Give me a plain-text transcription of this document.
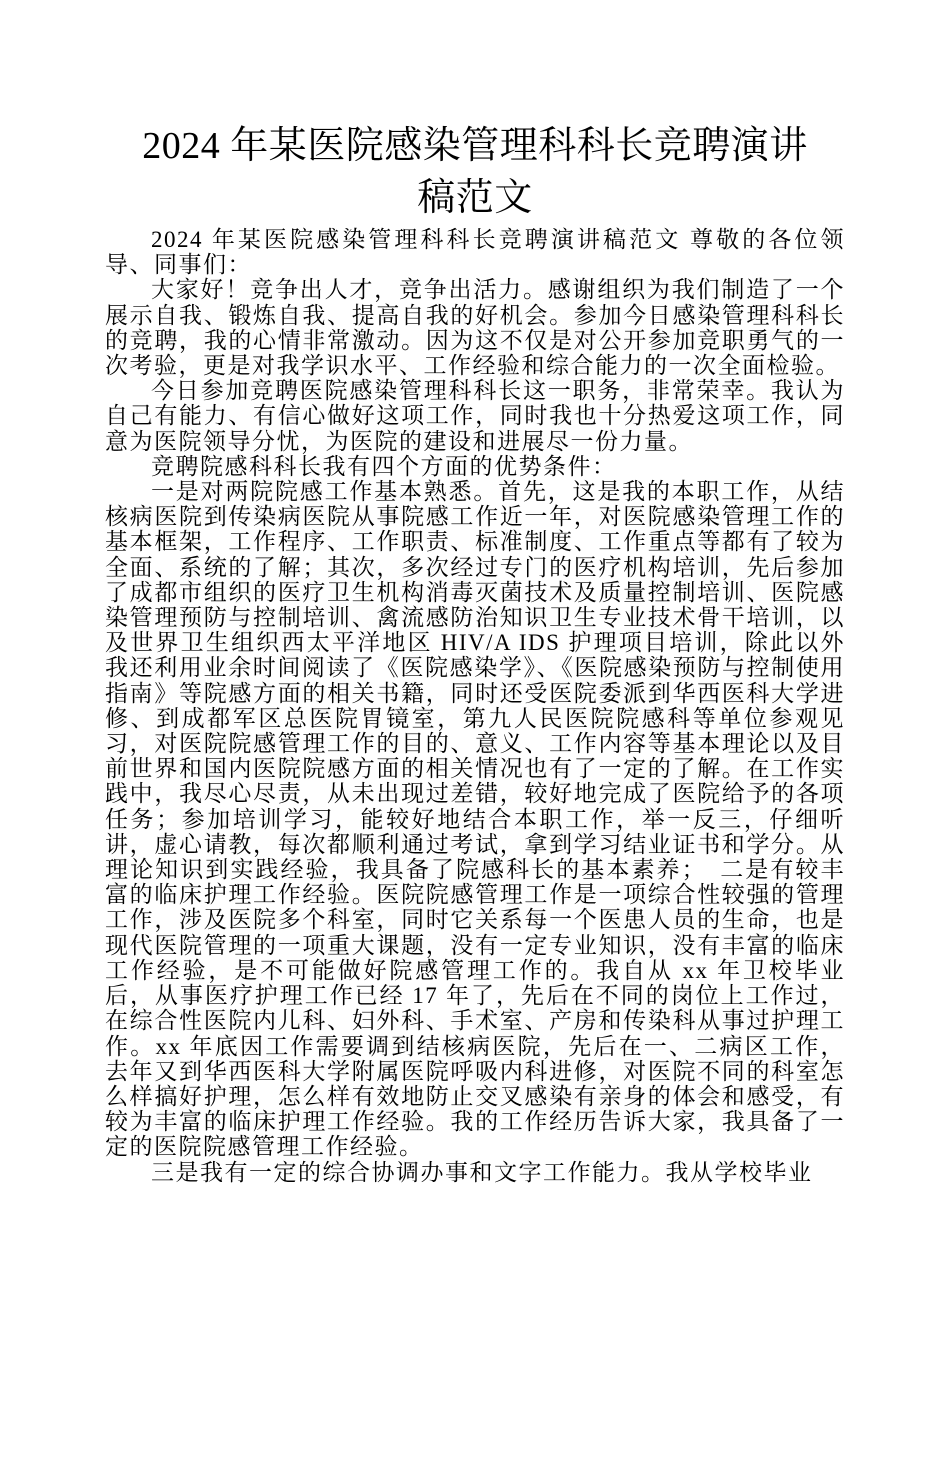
2024 年某医院感染管理科科长竞聘演讲稿范文

2024 年某医院感染管理科科长竞聘演讲稿范文 尊敬的各位领导、同事们：

大家好！竞争出人才，竞争出活力。感谢组织为我们制造了一个展示自我、锻炼自我、提高自我的好机会。参加今日感染管理科科长的竞聘，我的心情非常激动。因为这不仅是对公开参加竞职勇气的一次考验，更是对我学识水平、工作经验和综合能力的一次全面检验。

今日参加竞聘医院感染管理科科长这一职务，非常荣幸。我认为自己有能力、有信心做好这项工作，同时我也十分热爱这项工作，同意为医院领导分忧，为医院的建设和进展尽一份力量。

竞聘院感科科长我有四个方面的优势条件：

一是对两院院感工作基本熟悉。首先，这是我的本职工作，从结核病医院到传染病医院从事院感工作近一年，对医院感染管理工作的基本框架，工作程序、工作职责、标准制度、工作重点等都有了较为全面、系统的了解；其次，多次经过专门的医疗机构培训，先后参加了成都市组织的医疗卫生机构消毒灭菌技术及质量控制培训、医院感染管理预防与控制培训、禽流感防治知识卫生专业技术骨干培训，以及世界卫生组织西太平洋地区 HIV/A IDS 护理项目培训，除此以外我还利用业余时间阅读了《医院感染学》、《医院感染预防与控制使用指南》等院感方面的相关书籍，同时还受医院委派到华西医科大学进修、到成都军区总医院胃镜室，第九人民医院院感科等单位参观见习，对医院院感管理工作的目的、意义、工作内容等基本理论以及目前世界和国内医院院感方面的相关情况也有了一定的了解。在工作实践中，我尽心尽责，从未出现过差错，较好地完成了医院给予的各项任务；参加培训学习，能较好地结合本职工作，举一反三，仔细听讲，虚心请教，每次都顺利通过考试，拿到学习结业证书和学分。从理论知识到实践经验，我具备了院感科长的基本素养；　二是有较丰富的临床护理工作经验。医院院感管理工作是一项综合性较强的管理工作，涉及医院多个科室，同时它关系每一个医患人员的生命，也是现代医院管理的一项重大课题，没有一定专业知识，没有丰富的临床工作经验，是不可能做好院感管理工作的。我自从 xx 年卫校毕业后，从事医疗护理工作已经 17 年了，先后在不同的岗位上工作过，在综合性医院内儿科、妇外科、手术室、产房和传染科从事过护理工作。xx 年底因工作需要调到结核病医院，先后在一、二病区工作，去年又到华西医科大学附属医院呼吸内科进修，对医院不同的科室怎么样搞好护理，怎么样有效地防止交叉感染有亲身的体会和感受，有较为丰富的临床护理工作经验。我的工作经历告诉大家，我具备了一定的医院院感管理工作经验。

三是我有一定的综合协调办事和文字工作能力。我从学校毕业
